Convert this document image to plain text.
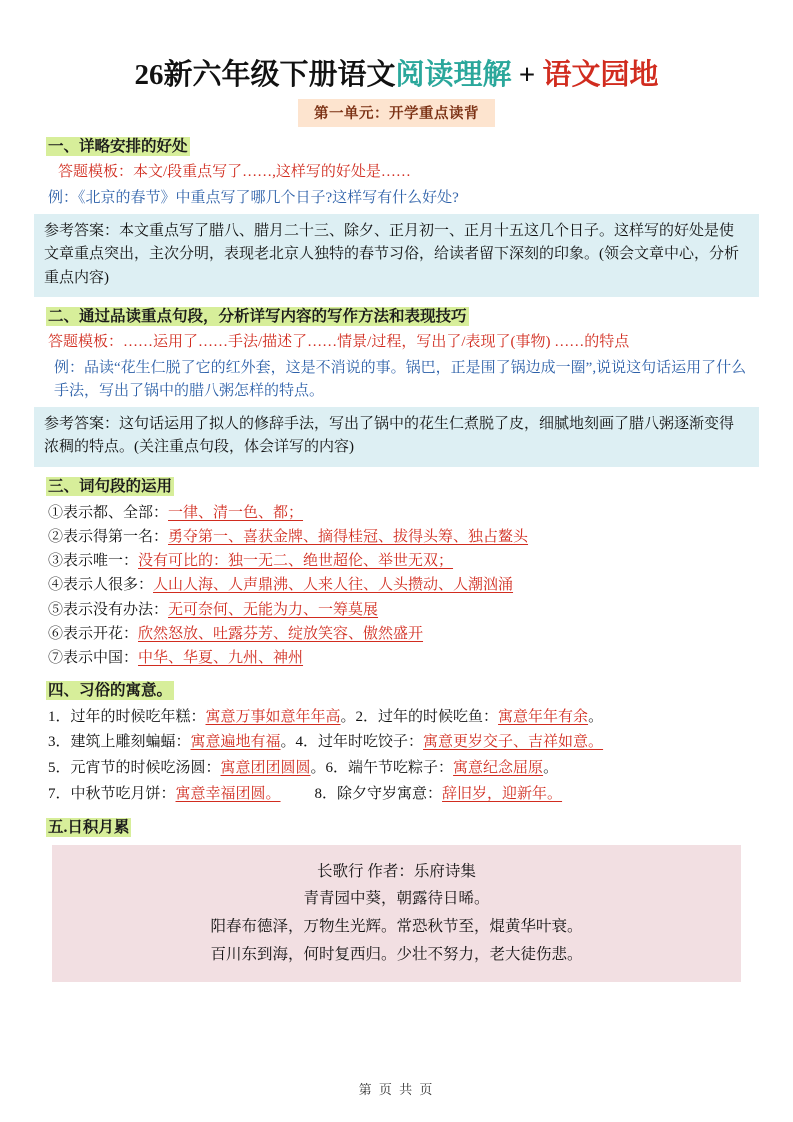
26新六年级下册语文阅读理解 + 语文园地
第一单元：开学重点读背
一、详略安排的好处
答题模板：本文/段重点写了……,这样写的好处是……
例：《北京的春节》中重点写了哪几个日子?这样写有什么好处?
参考答案：本文重点写了腊八、腊月二十三、除夕、正月初一、正月十五这几个日子。这样写的好处是使文章重点突出，主次分明，表现老北京人独特的春节习俗，给读者留下深刻的印象。(领会文章中心，分析重点内容)
二、通过品读重点句段，分析详写内容的写作方法和表现技巧
答题模板：……运用了……手法/描述了……情景/过程，写出了/表现了(事物) ……的特点
例：品读“花生仁脱了它的红外套，这是不消说的事。锅巴，正是围了锅边成一圈”,说说这句话运用了什么手法，写出了锅中的腊八粥怎样的特点。
参考答案：这句话运用了拟人的修辞手法，写出了锅中的花生仁煮脱了皮，细腻地刻画了腊八粥逐渐变得浓稠的特点。(关注重点句段，体会详写的内容)
三、词句段的运用
①表示都、全部：一律、清一色、都；
②表示得第一名：勇夺第一、喜获金牌、摘得桂冠、拔得头筹、独占鳌头
③表示唯一：没有可比的：独一无二、绝世超伦、举世无双；
④表示人很多：人山人海、人声鼎沸、人来人往、人头攒动、人潮汹涌
⑤表示没有办法：无可奈何、无能为力、一筹莫展
⑥表示开花：欣然怒放、吐露芬芳、绽放笑容、傲然盛开
⑦表示中国：中华、华夏、九州、神州
四、习俗的寓意。
1．过年的时候吃年糕：寓意万事如意年年高。2．过年的时候吃鱼：寓意年年有余。
3．建筑上雕刻蝙蝠：寓意遍地有福。4．过年时吃饺子：寓意更岁交子、吉祥如意。
5．元宵节的时候吃汤圆：寓意团团圆圆。6．端午节吃粽子：寓意纪念屈原。
7．中秋节吃月饼：寓意幸福团圆。 8．除夕守岁寓意：辞旧岁，迎新年。
五.日积月累
长歌行 作者：乐府诗集
青青园中葵，朝露待日晞。
阳春布德泽，万物生光辉。常恐秋节至，焜黄华叶衰。
百川东到海，何时复西归。少壮不努力，老大徒伤悲。
第 页 共 页
